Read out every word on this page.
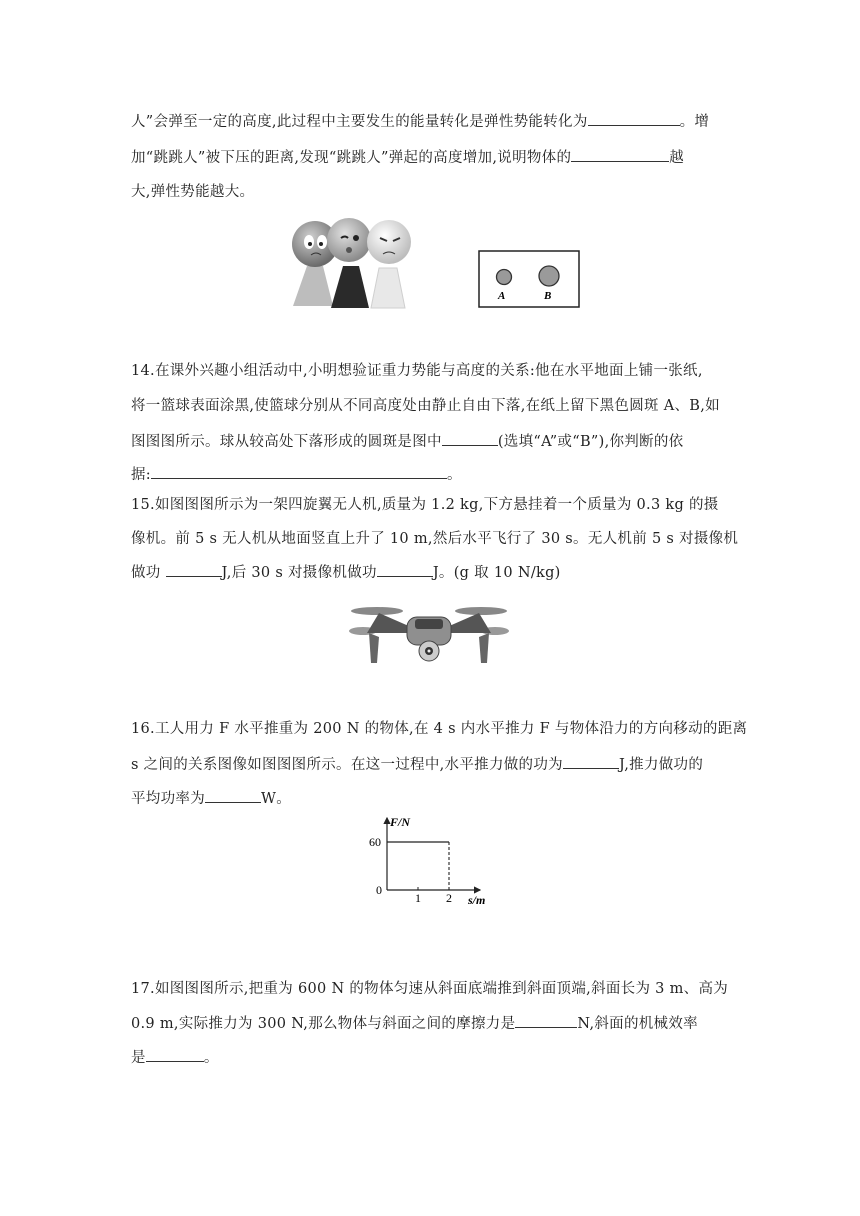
人”会弹至一定的高度,此过程中主要发生的能量转化是弹性势能转化为	。增
加“跳跳人”被下压的距离,发现“跳跳人”弹起的高度增加,说明物体的	越
大,弹性势能越大。
A	B
14.在课外兴趣小组活动中,小明想验证重力势能与高度的关系:他在水平地面上铺一张纸,
将一篮球表面涂黑,使篮球分别从不同高度处由静止自由下落,在纸上留下黑色圆斑 A、B,如
图图图所示。球从较高处下落形成的圆斑是图中	(选填“A”或“B”),你判断的依
据:	。
15.如图图图所示为一架四旋翼无人机,质量为 1.2 kg,下方悬挂着一个质量为 0.3 kg 的摄
像机。前 5 s 无人机从地面竖直上升了 10 m,然后水平飞行了 30 s。无人机前 5 s 对摄像机
做功	J,后 30 s 对摄像机做功	J。(g 取 10 N/kg)
16.工人用力 F 水平推重为 200 N 的物体,在 4 s 内水平推力 F 与物体沿力的方向移动的距离
s 之间的关系图像如图图图所示。在这一过程中,水平推力做的功为	J,推力做功的
平均功率为	W。
F/N
s/m
0
1 2
60
17.如图图图所示,把重为 600 N 的物体匀速从斜面底端推到斜面顶端,斜面长为 3 m、高为
0.9 m,实际推力为 300 N,那么物体与斜面之间的摩擦力是	N,斜面的机械效率
是	。
